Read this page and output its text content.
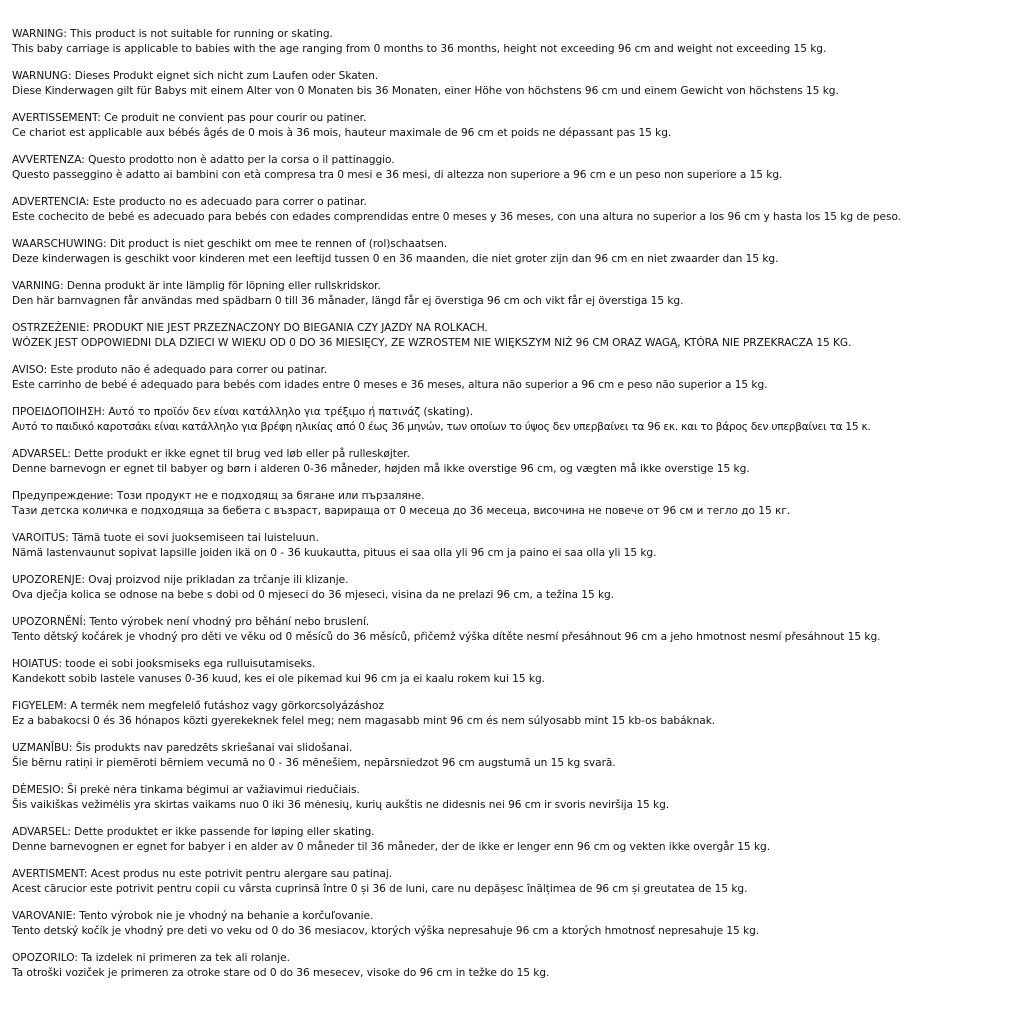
WARNING: This product is not suitable for running or skating.
This baby carriage is applicable to babies with the age ranging from 0 months to 36 months, height not exceeding 96 cm and weight not exceeding 15 kg.
WARNUNG: Dieses Produkt eignet sich nicht zum Laufen oder Skaten.
Diese Kinderwagen gilt für Babys mit einem Alter von 0 Monaten bis 36 Monaten, einer Höhe von höchstens 96 cm und einem Gewicht von höchstens 15 kg.
AVERTISSEMENT: Ce produit ne convient pas pour courir ou patiner.
Ce chariot est applicable aux bébés âgés de 0 mois à 36 mois, hauteur maximale de 96 cm et poids ne dépassant pas 15 kg.
AVVERTENZA: Questo prodotto non è adatto per la corsa o il pattinaggio.
Questo passeggino è adatto ai bambini con età compresa tra 0 mesi e 36 mesi, di altezza non superiore a 96 cm e un peso non superiore a 15 kg.
ADVERTENCIA: Este producto no es adecuado para correr o patinar.
Este cochecito de bebé es adecuado para bebés con edades comprendidas entre 0 meses y 36 meses, con una altura no superior a los 96 cm y hasta los 15 kg de peso.
WAARSCHUWING: Dit product is niet geschikt om mee te rennen of (rol)schaatsen.
Deze kinderwagen is geschikt voor kinderen met een leeftijd tussen 0 en 36 maanden, die niet groter zijn dan 96 cm en niet zwaarder dan 15 kg.
VARNING: Denna produkt är inte lämplig för löpning eller rullskridskor.
Den här barnvagnen får användas med spädbarn 0 till 36 månader, längd får ej överstiga 96 cm och vikt får ej överstiga 15 kg.
OSTRZEŻENIE: PRODUKT NIE JEST PRZEZNACZONY DO BIEGANIA CZY JAZDY NA ROLKACH.
WÓZEK JEST ODPOWIEDNI DLA DZIECI W WIEKU OD 0 DO 36 MIESIĘCY, ZE WZROSTEM NIE WIĘKSZYM NIŻ 96 CM ORAZ WAGĄ, KTÓRA NIE PRZEKRACZA 15 KG.
AVISO: Este produto não é adequado para correr ou patinar.
Este carrinho de bebé é adequado para bebés com idades entre 0 meses e 36 meses, altura não superior a 96 cm e peso não superior a 15 kg.
ΠΡΟΕΙΔΟΠΟΙΗΣΗ: Αυτό το προϊόν δεν είναι κατάλληλο για τρέξιμο ή πατινάζ (skating).
Αυτό το παιδικό καροτσάκι είναι κατάλληλο για βρέφη ηλικίας από 0 έως 36 μηνών, των οποίων το ύψος δεν υπερβαίνει τα 96 εκ. και το βάρος δεν υπερβαίνει τα 15 κ.
ADVARSEL: Dette produkt er ikke egnet til brug ved løb eller på rulleskøjter.
Denne barnevogn er egnet til babyer og børn i alderen 0-36 måneder, højden må ikke overstige 96 cm, og vægten må ikke overstige 15 kg.
Предупреждение: Този продукт не е подходящ за бягане или пързаляне.
Тази детска количка е подходяща за бебета с възраст, варираща от 0 месеца до 36 месеца, височина не повече от 96 см и тегло до 15 кг.
VAROITUS: Tämä tuote ei sovi juoksemiseen tai luisteluun.
Nämä lastenvaunut sopivat lapsille joiden ikä on 0 - 36 kuukautta, pituus ei saa olla yli 96 cm ja paino ei saa olla yli 15 kg.
UPOZORENJE: Ovaj proizvod nije prikladan za trčanje ili klizanje.
Ova dječja kolica se odnose na bebe s dobi od 0 mjeseci do 36 mjeseci, visina da ne prelazi 96 cm, a težina 15 kg.
UPOZORNĚNÍ: Tento výrobek není vhodný pro běhání nebo bruslení.
Tento dětský kočárek je vhodný pro děti ve věku od 0 měsíců do 36 měsíců, přičemž výška dítěte nesmí přesáhnout 96 cm a jeho hmotnost nesmí přesáhnout 15 kg.
HOIATUS: toode ei sobi jooksmiseks ega rulluisutamiseks.
Kandekott sobib lastele vanuses 0-36 kuud, kes ei ole pikemad kui 96 cm ja ei kaalu rokem kui 15 kg.
FIGYELEM: A termék nem megfelelő futáshoz vagy görkorcsolyázáshoz
Ez a babakocsi 0 és 36 hónapos közti gyerekeknek felel meg; nem magasabb mint 96 cm és nem súlyosabb mint 15 kb-os babáknak.
UZMANĪBU: Šis produkts nav paredzēts skriešanai vai slidošanai.
Šie bērnu ratiņi ir piemēroti bērniem vecumā no 0 - 36 mēnešiem, nepārsniedzot 96 cm augstumā un 15 kg svarā.
DĖMESIO: Ši prekė nėra tinkama bėgimui ar važiavimui riedučiais.
Šis vaikiškas vežimėlis yra skirtas vaikams nuo 0 iki 36 mėnesių, kurių aukštis ne didesnis nei 96 cm ir svoris neviršija 15 kg.
ADVARSEL: Dette produktet er ikke passende for løping eller skating.
Denne barnevognen er egnet for babyer i en alder av 0 måneder til 36 måneder, der de ikke er lenger enn 96 cm og vekten ikke overgår 15 kg.
AVERTISMENT: Acest produs nu este potrivit pentru alergare sau patinaj.
Acest cărucior este potrivit pentru copii cu vârsta cuprinsă între 0 și 36 de luni, care nu depășesc înălțimea de 96 cm și greutatea de 15 kg.
VAROVANIE: Tento výrobok nie je vhodný na behanie a korčuľovanie.
Tento detský kočík je vhodný pre deti vo veku od 0 do 36 mesiacov, ktorých výška nepresahuje 96 cm a ktorých hmotnosť nepresahuje 15 kg.
OPOZORILO: Ta izdelek ni primeren za tek ali rolanje.
Ta otroški voziček je primeren za otroke stare od 0 do 36 mesecev, visoke do 96 cm in težke do 15 kg.
